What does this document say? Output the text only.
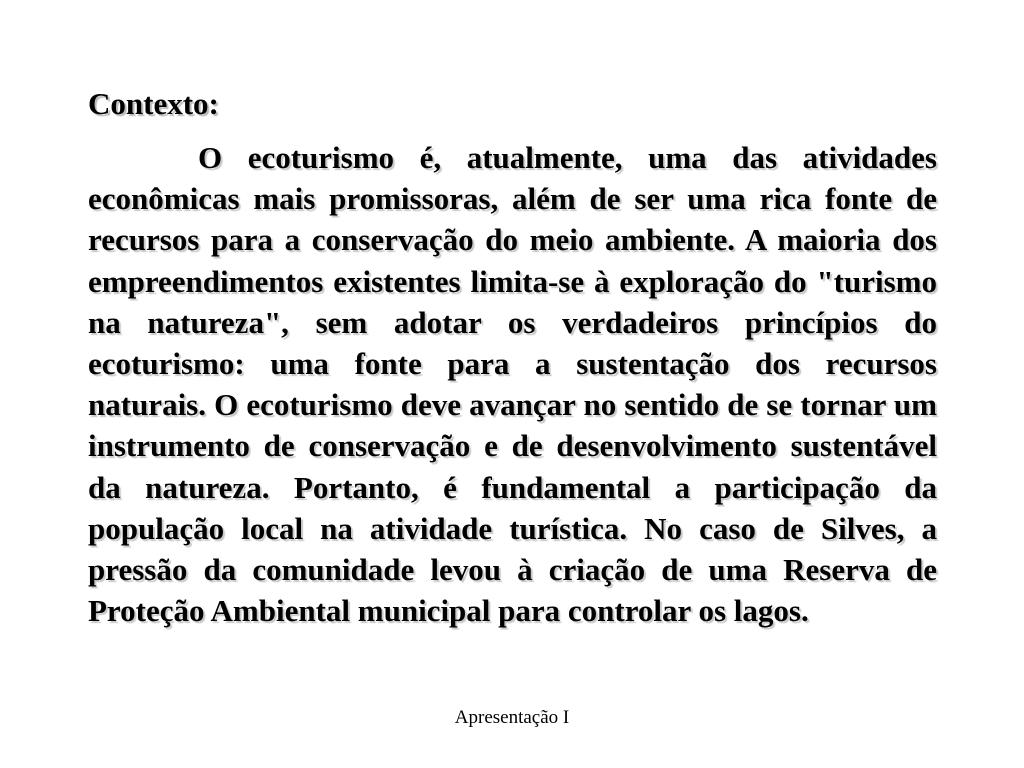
Contexto:

O ecoturismo é, atualmente, uma das atividades econômicas mais promissoras, além de ser uma rica fonte de recursos para a conservação do meio ambiente. A maioria dos empreendimentos existentes limita-se à exploração do "turismo na natureza", sem adotar os verdadeiros princípios do ecoturismo: uma fonte para a sustentação dos recursos naturais. O ecoturismo deve avançar no sentido de se tornar um instrumento de conservação e de desenvolvimento sustentável da natureza. Portanto, é fundamental a participação da população local na atividade turística. No caso de Silves, a pressão da comunidade levou à criação de uma Reserva de Proteção Ambiental municipal para controlar os lagos.

Apresentação I
